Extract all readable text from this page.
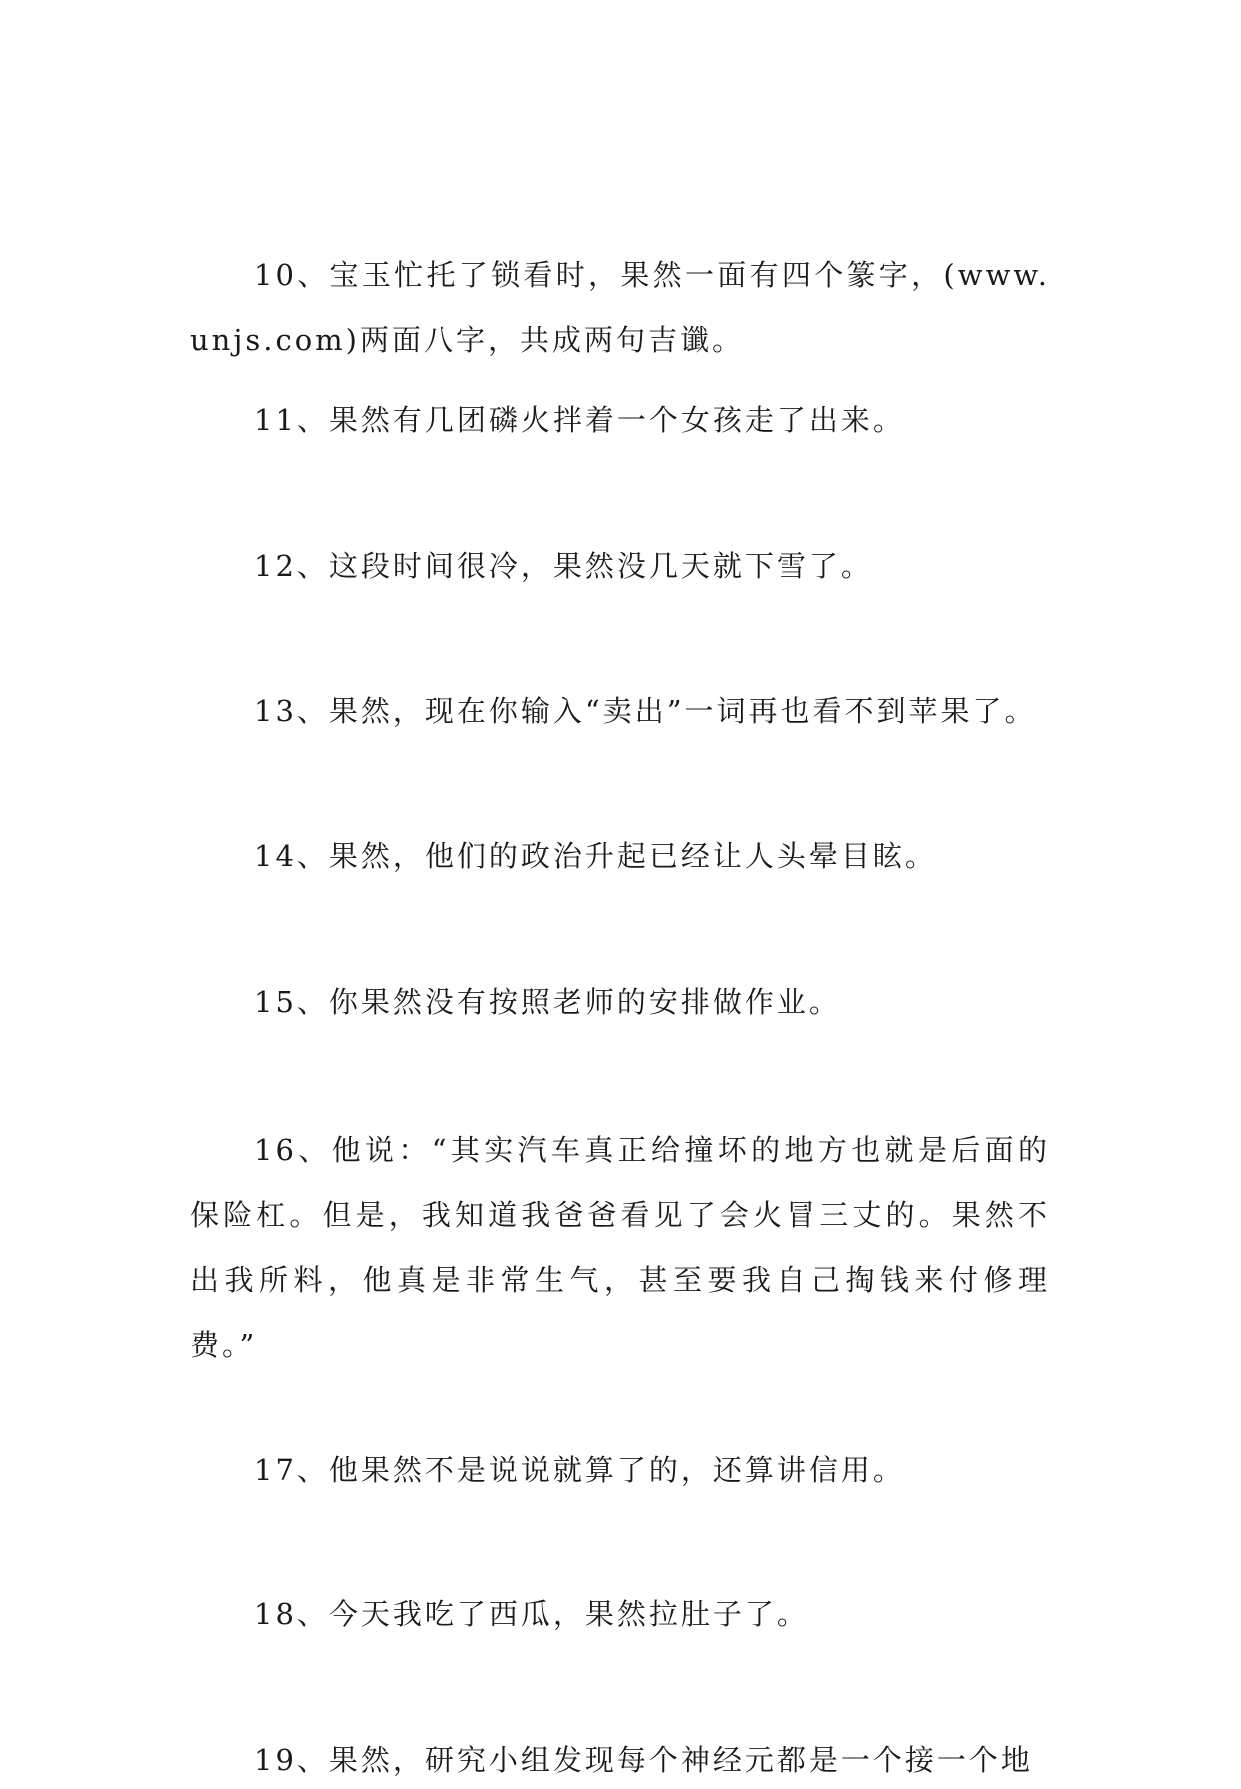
10、宝玉忙托了锁看时，果然一面有四个篆字，(www.unjs.com)两面八字，共成两句吉谶。

11、果然有几团磷火拌着一个女孩走了出来。

12、这段时间很冷，果然没几天就下雪了。

13、果然，现在你输入“卖出”一词再也看不到苹果了。

14、果然，他们的政治升起已经让人头晕目眩。

15、你果然没有按照老师的安排做作业。

16、他说：“其实汽车真正给撞坏的地方也就是后面的保险杠。但是，我知道我爸爸看见了会火冒三丈的。果然不出我所料，他真是非常生气，甚至要我自己掏钱来付修理费。”

17、他果然不是说说就算了的，还算讲信用。

18、今天我吃了西瓜，果然拉肚子了。

19、果然，研究小组发现每个神经元都是一个接一个地
